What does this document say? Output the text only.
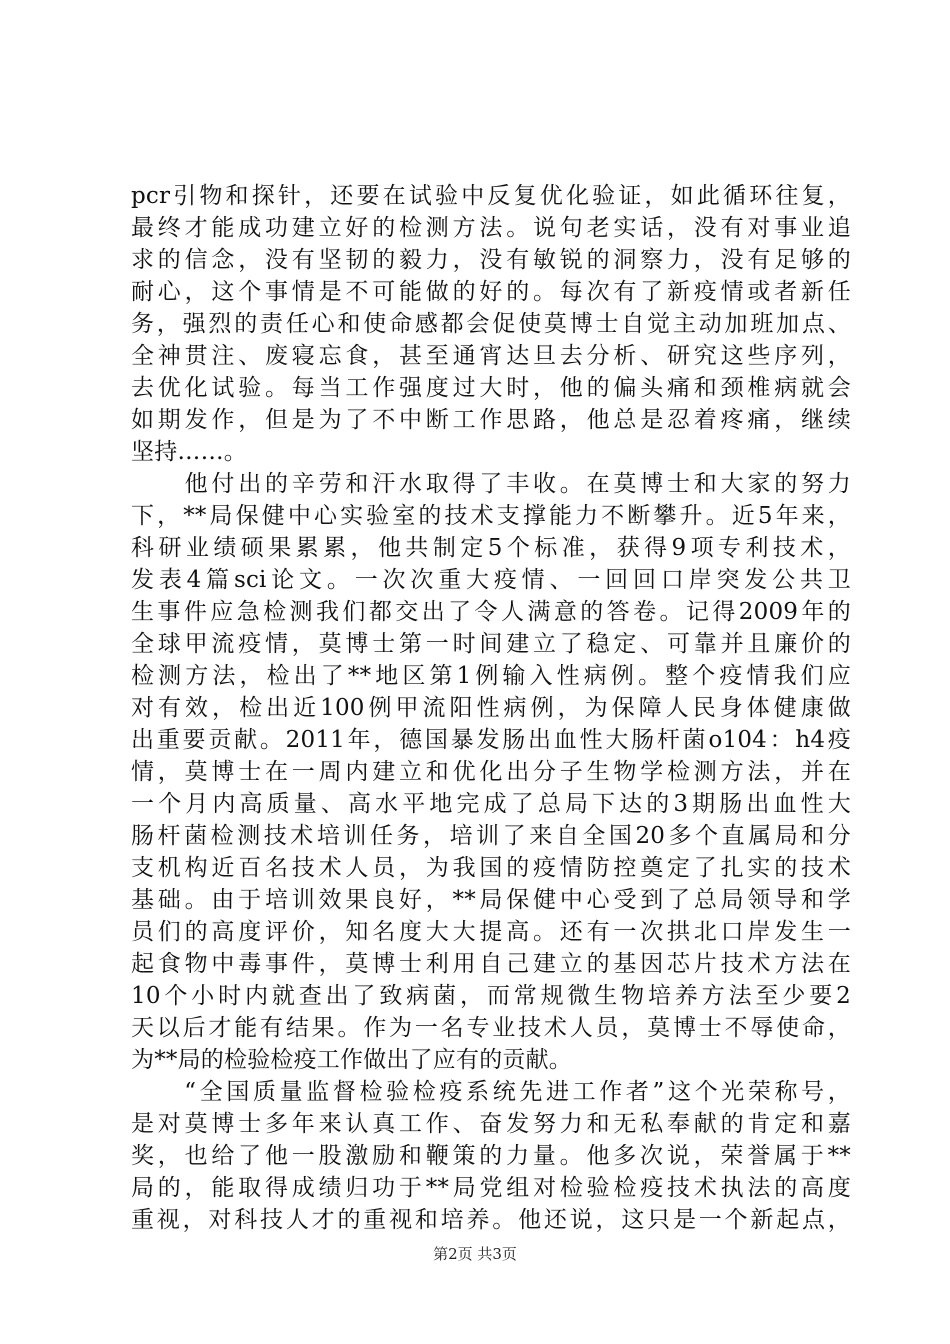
pcr引物和探针，还要在试验中反复优化验证，如此循环往复，
最终才能成功建立好的检测方法。说句老实话，没有对事业追
求的信念，没有坚韧的毅力，没有敏锐的洞察力，没有足够的
耐心，这个事情是不可能做的好的。每次有了新疫情或者新任
务，强烈的责任心和使命感都会促使莫博士自觉主动加班加点、
全神贯注、废寝忘食，甚至通宵达旦去分析、研究这些序列，
去优化试验。每当工作强度过大时，他的偏头痛和颈椎病就会
如期发作，但是为了不中断工作思路，他总是忍着疼痛，继续
坚持……。
　　他付出的辛劳和汗水取得了丰收。在莫博士和大家的努力
下，**局保健中心实验室的技术支撑能力不断攀升。近5年来，
科研业绩硕果累累，他共制定5个标准，获得9项专利技术，
发表4篇sci论文。一次次重大疫情、一回回口岸突发公共卫
生事件应急检测我们都交出了令人满意的答卷。记得2009年的
全球甲流疫情，莫博士第一时间建立了稳定、可靠并且廉价的
检测方法，检出了**地区第1例输入性病例。整个疫情我们应
对有效，检出近100例甲流阳性病例，为保障人民身体健康做
出重要贡献。2011年，德国暴发肠出血性大肠杆菌o104：h4疫
情，莫博士在一周内建立和优化出分子生物学检测方法，并在
一个月内高质量、高水平地完成了总局下达的3期肠出血性大
肠杆菌检测技术培训任务，培训了来自全国20多个直属局和分
支机构近百名技术人员，为我国的疫情防控奠定了扎实的技术
基础。由于培训效果良好，**局保健中心受到了总局领导和学
员们的高度评价，知名度大大提高。还有一次拱北口岸发生一
起食物中毒事件，莫博士利用自己建立的基因芯片技术方法在
10个小时内就查出了致病菌，而常规微生物培养方法至少要2
天以后才能有结果。作为一名专业技术人员，莫博士不辱使命，
为**局的检验检疫工作做出了应有的贡献。
　　“全国质量监督检验检疫系统先进工作者”这个光荣称号，
是对莫博士多年来认真工作、奋发努力和无私奉献的肯定和嘉
奖，也给了他一股激励和鞭策的力量。他多次说，荣誉属于**
局的，能取得成绩归功于**局党组对检验检疫技术执法的高度
重视，对科技人才的重视和培养。他还说，这只是一个新起点，
第2页 共3页
